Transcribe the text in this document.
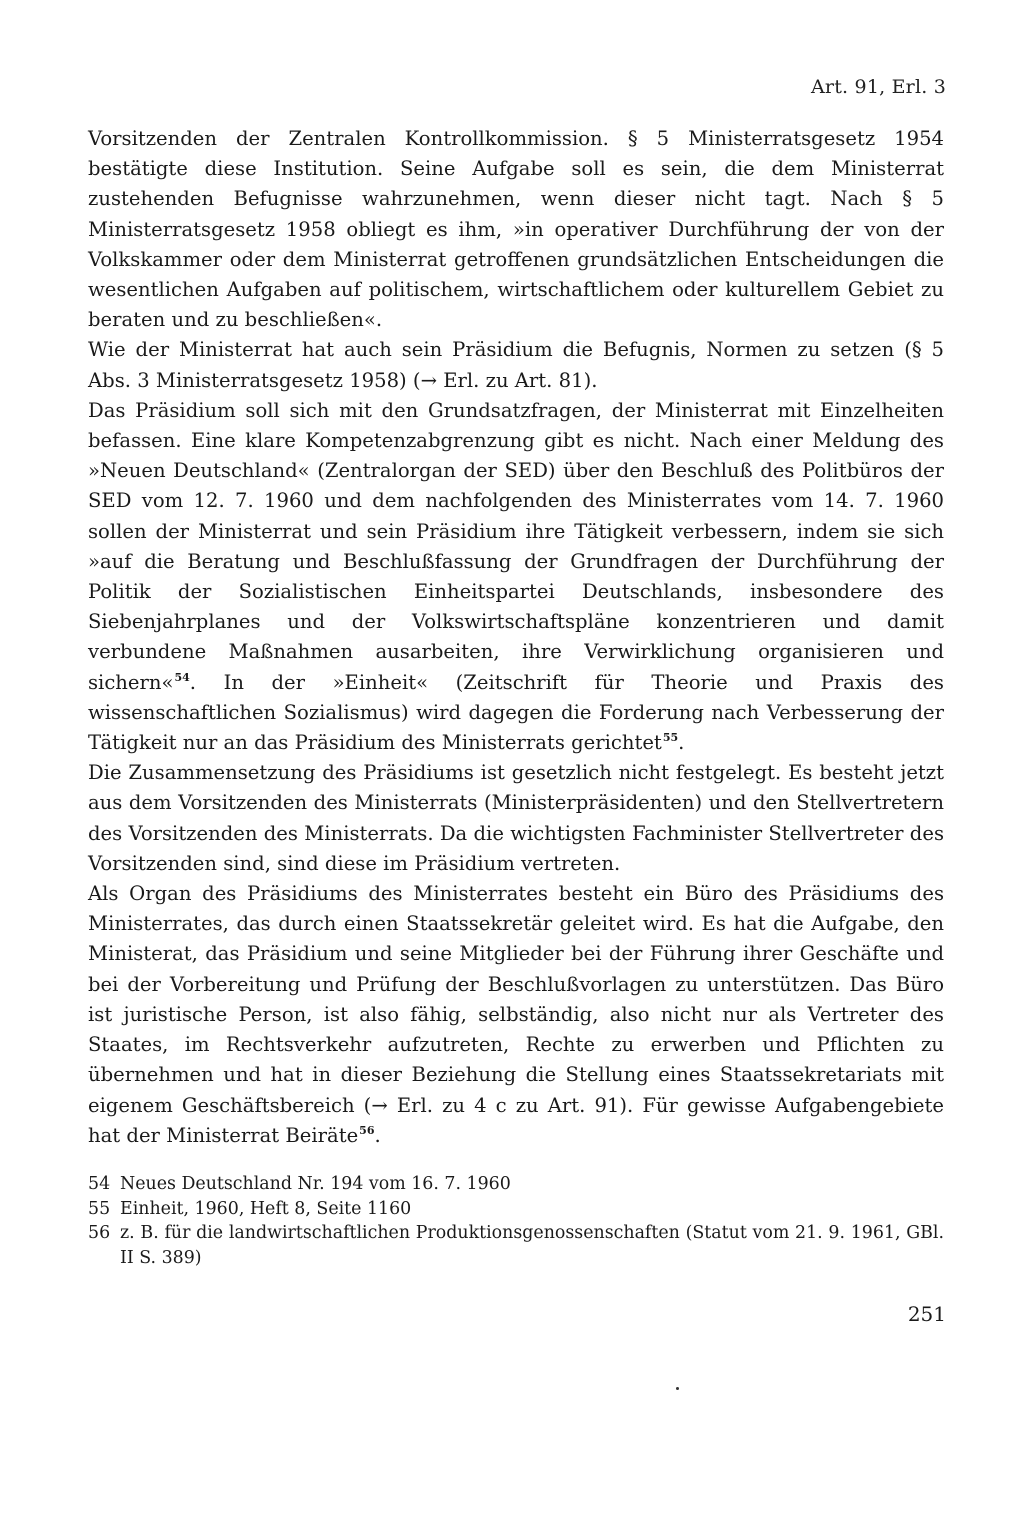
Art. 91, Erl. 3

Vorsitzenden der Zentralen Kontrollkommission. § 5 Ministerratsgesetz 1954 bestätigte diese Institution. Seine Aufgabe soll es sein, die dem Ministerrat zustehenden Befugnisse wahrzunehmen, wenn dieser nicht tagt. Nach § 5 Ministerratsgesetz 1958 obliegt es ihm, »in operativer Durchführung der von der Volkskammer oder dem Ministerrat getroffenen grundsätzlichen Entscheidungen die wesentlichen Aufgaben auf politischem, wirtschaftlichem oder kulturellem Gebiet zu beraten und zu beschließen«.

Wie der Ministerrat hat auch sein Präsidium die Befugnis, Normen zu setzen (§ 5 Abs. 3 Ministerratsgesetz 1958) (→ Erl. zu Art. 81).

Das Präsidium soll sich mit den Grundsatzfragen, der Ministerrat mit Einzelheiten befassen. Eine klare Kompetenzabgrenzung gibt es nicht. Nach einer Meldung des »Neuen Deutschland« (Zentralorgan der SED) über den Beschluß des Politbüros der SED vom 12. 7. 1960 und dem nachfolgenden des Ministerrates vom 14. 7. 1960 sollen der Ministerrat und sein Präsidium ihre Tätigkeit verbessern, indem sie sich »auf die Beratung und Beschlußfassung der Grundfragen der Durchführung der Politik der Sozialistischen Einheitspartei Deutschlands, insbesondere des Siebenjahrplanes und der Volkswirtschaftspläne konzentrieren und damit verbundene Maßnahmen ausarbeiten, ihre Verwirklichung organisieren und sichern«$^{54}$. In der »Einheit« (Zeitschrift für Theorie und Praxis des wissenschaftlichen Sozialismus) wird dagegen die Forderung nach Verbesserung der Tätigkeit nur an das Präsidium des Ministerrats gerichtet$^{55}$.

Die Zusammensetzung des Präsidiums ist gesetzlich nicht festgelegt. Es besteht jetzt aus dem Vorsitzenden des Ministerrats (Ministerpräsidenten) und den Stellvertretern des Vorsitzenden des Ministerrats. Da die wichtigsten Fachminister Stellvertreter des Vorsitzenden sind, sind diese im Präsidium vertreten.

Als Organ des Präsidiums des Ministerrates besteht ein Büro des Präsidiums des Ministerrates, das durch einen Staatssekretär geleitet wird. Es hat die Aufgabe, den Ministerat, das Präsidium und seine Mitglieder bei der Führung ihrer Geschäfte und bei der Vorbereitung und Prüfung der Beschlußvorlagen zu unterstützen. Das Büro ist juristische Person, ist also fähig, selbständig, also nicht nur als Vertreter des Staates, im Rechtsverkehr aufzutreten, Rechte zu erwerben und Pflichten zu übernehmen und hat in dieser Beziehung die Stellung eines Staatssekretariats mit eigenem Geschäftsbereich (→ Erl. zu 4 c zu Art. 91). Für gewisse Aufgabengebiete hat der Ministerrat Beiräte$^{56}$.

54 Neues Deutschland Nr. 194 vom 16. 7. 1960
55 Einheit, 1960, Heft 8, Seite 1160
56 z. B. für die landwirtschaftlichen Produktionsgenossenschaften (Statut vom 21. 9. 1961, GBl. II S. 389)
251
